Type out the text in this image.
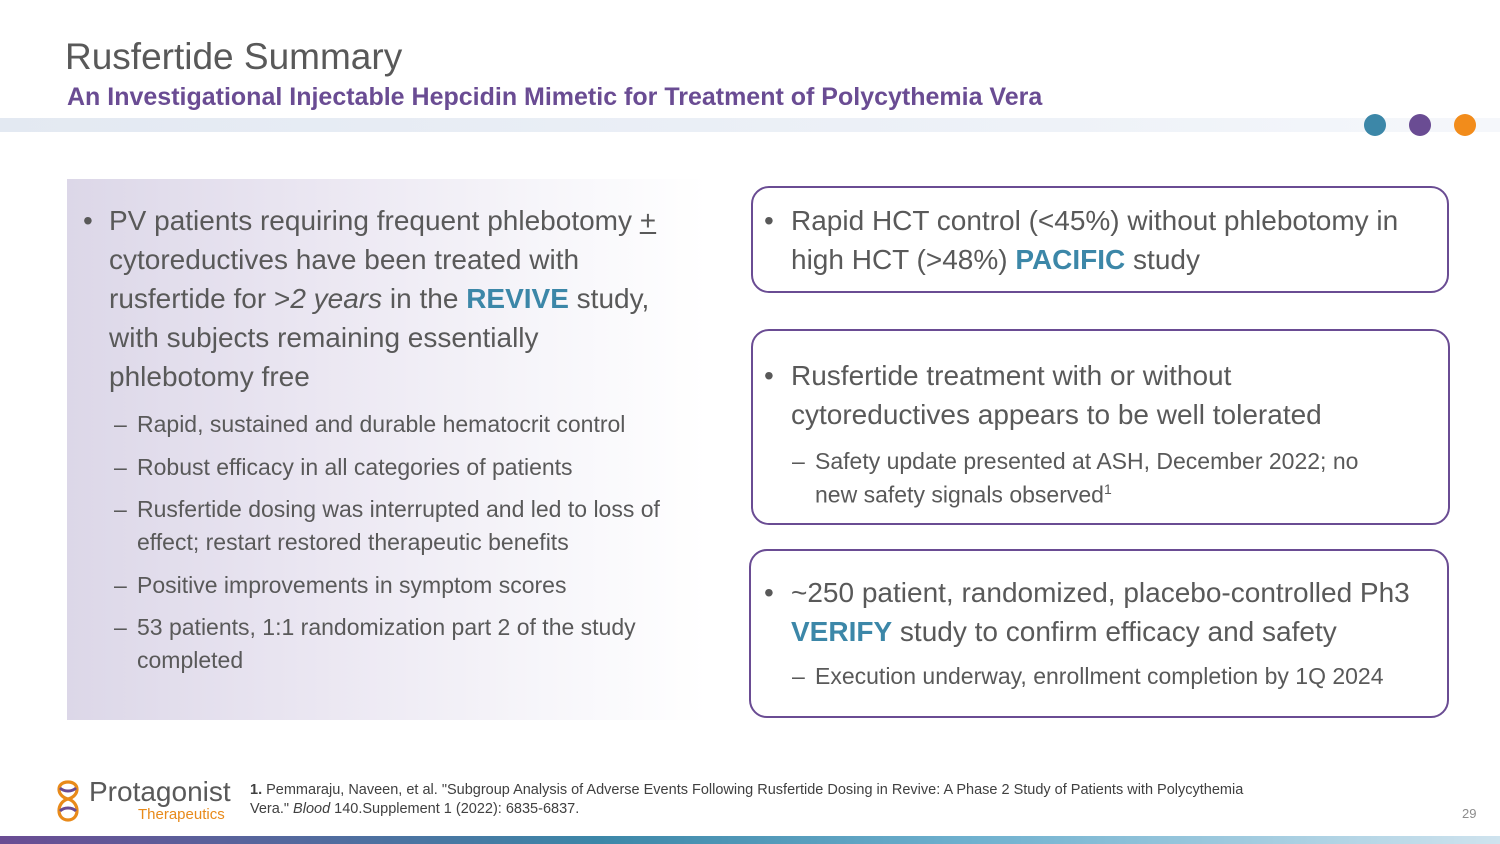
Rusfertide Summary
An Investigational Injectable Hepcidin Mimetic for Treatment of Polycythemia Vera
• PV patients requiring frequent phlebotomy +
cytoreductives have been treated with
rusfertide for >2 years in the REVIVE study,
with subjects remaining essentially
phlebotomy free
– Rapid, sustained and durable hematocrit control
– Robust efficacy in all categories of patients
– Rusfertide dosing was interrupted and led to loss of
effect; restart restored therapeutic benefits
– Positive improvements in symptom scores
– 53 patients, 1:1 randomization part 2 of the study
completed
• Rapid HCT control (<45%) without phlebotomy in
high HCT (>48%) PACIFIC study
• Rusfertide treatment with or without
cytoreductives appears to be well tolerated
– Safety update presented at ASH, December 2022; no
new safety signals observed$^1$
• ~250 patient, randomized, placebo-controlled Ph3
VERIFY study to confirm efficacy and safety
– Execution underway, enrollment completion by 1Q 2024
Protagonist
Therapeutics
1. Pemmaraju, Naveen, et al. "Subgroup Analysis of Adverse Events Following Rusfertide Dosing in Revive: A Phase 2 Study of Patients with Polycythemia
Vera." Blood 140.Supplement 1 (2022): 6835-6837.	29
